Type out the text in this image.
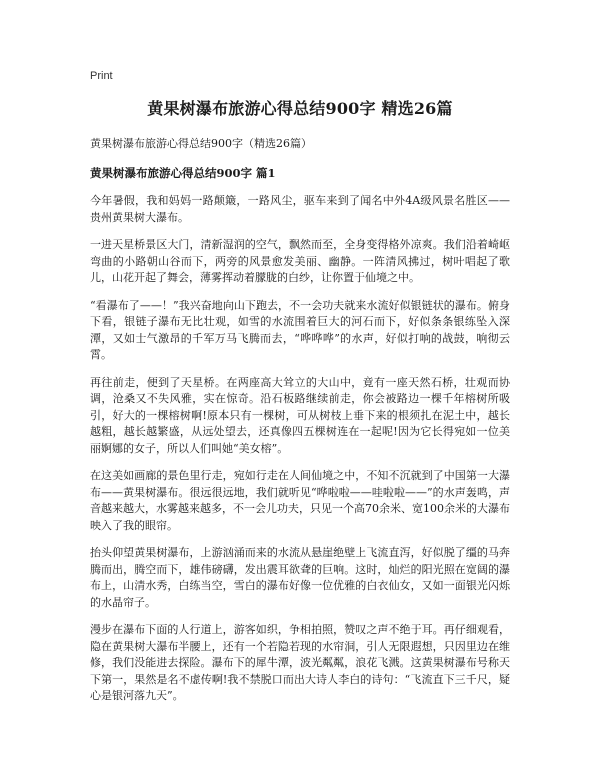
Print
黄果树瀑布旅游心得总结900字 精选26篇
黄果树瀑布旅游心得总结900字（精选26篇）
黄果树瀑布旅游心得总结900字 篇1

今年暑假，我和妈妈一路颠簸，一路风尘，驱车来到了闻名中外4A级风景名胜区——贵州黄果树大瀑布。

一进天星桥景区大门，清新湿润的空气，飘然而至，全身变得格外凉爽。我们沿着崎岖弯曲的小路朝山谷而下，两旁的风景愈发美丽、幽静。一阵清风拂过，树叶唱起了歌儿，山花开起了舞会，薄雾挥动着朦胧的白纱，让你置于仙境之中。

“看瀑布了——！”我兴奋地向山下跑去，不一会功夫就来水流好似银链状的瀑布。俯身下看，银链子瀑布无比壮观，如雪的水流围着巨大的河石而下，好似条条银练坠入深潭，又如士气激昂的千军万马飞腾而去，“哗哗哗”的水声，好似打响的战鼓，响彻云霄。

再往前走，便到了天星桥。在两座高大耸立的大山中，竟有一座天然石桥，壮观而协调，沧桑又不失风雅，实在惊奇。沿石板路继续前走，你会被路边一棵千年榕树所吸引，好大的一棵榕树啊!原本只有一棵树，可从树枝上垂下来的根须扎在泥土中，越长越粗，越长越繁盛，从远处望去，还真像四五棵树连在一起呢!因为它长得宛如一位美丽婀娜的女子，所以人们叫她“美女榕”。

在这美如画廊的景色里行走，宛如行走在人间仙境之中，不知不沉就到了中国第一大瀑布——黄果树瀑布。很远很远地，我们就听见“哗啦啦——哇啦啦——”的水声轰鸣，声音越来越大，水雾越来越多，不一会儿功夫，只见一个高70余米、宽100余米的大瀑布映入了我的眼帘。

抬头仰望黄果树瀑布，上游汹涌而来的水流从悬崖绝壁上飞流直泻，好似脱了缰的马奔腾而出，腾空而下，雄伟磅礴，发出震耳欲聋的巨响。这时，灿烂的阳光照在宽阔的瀑布上，山清水秀，白练当空，雪白的瀑布好像一位优雅的白衣仙女，又如一面银光闪烁的水晶帘子。

漫步在瀑布下面的人行道上，游客如织，争相拍照，赞叹之声不绝于耳。再仔细观看，隐在黄果树大瀑布半腰上，还有一个若隐若现的水帘洞，引人无限遐想，只因里边在维修，我们没能进去探险。瀑布下的犀牛潭，波光粼粼，浪花飞溅。这黄果树瀑布号称天下第一，果然是名不虚传啊!我不禁脱口而出大诗人李白的诗句：“飞流直下三千尺，疑心是银河落九天”。
